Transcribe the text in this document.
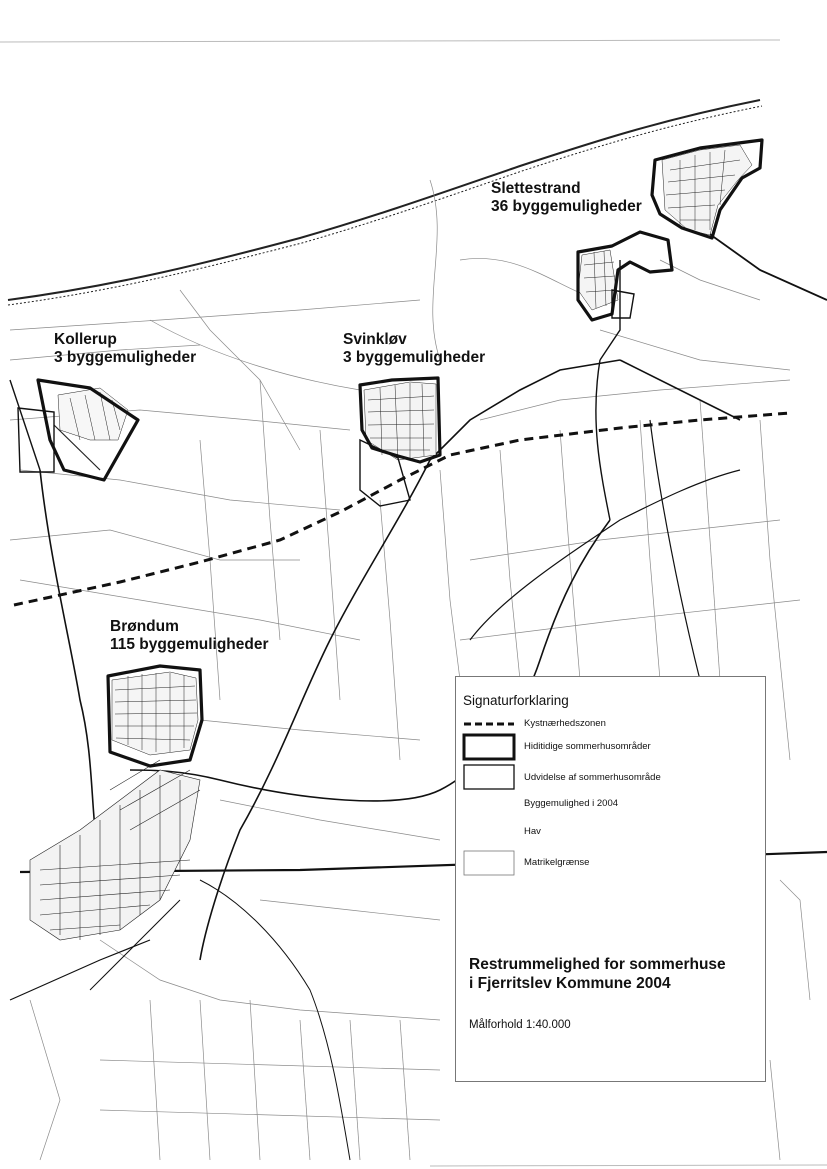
Slettestrand
36 byggemuligheder
Kollerup
3 byggemuligheder
Svinkløv
3 byggemuligheder
Brøndum
115 byggemuligheder
Signaturforklaring
Kystnærhedszonen
Hiditidige sommerhusområder
Udvidelse af sommerhusområde
Byggemulighed i 2004
Hav
Matrikelgrænse
Restrummelighed for sommerhuse
i Fjerritslev Kommune 2004
Målforhold 1:40.000
